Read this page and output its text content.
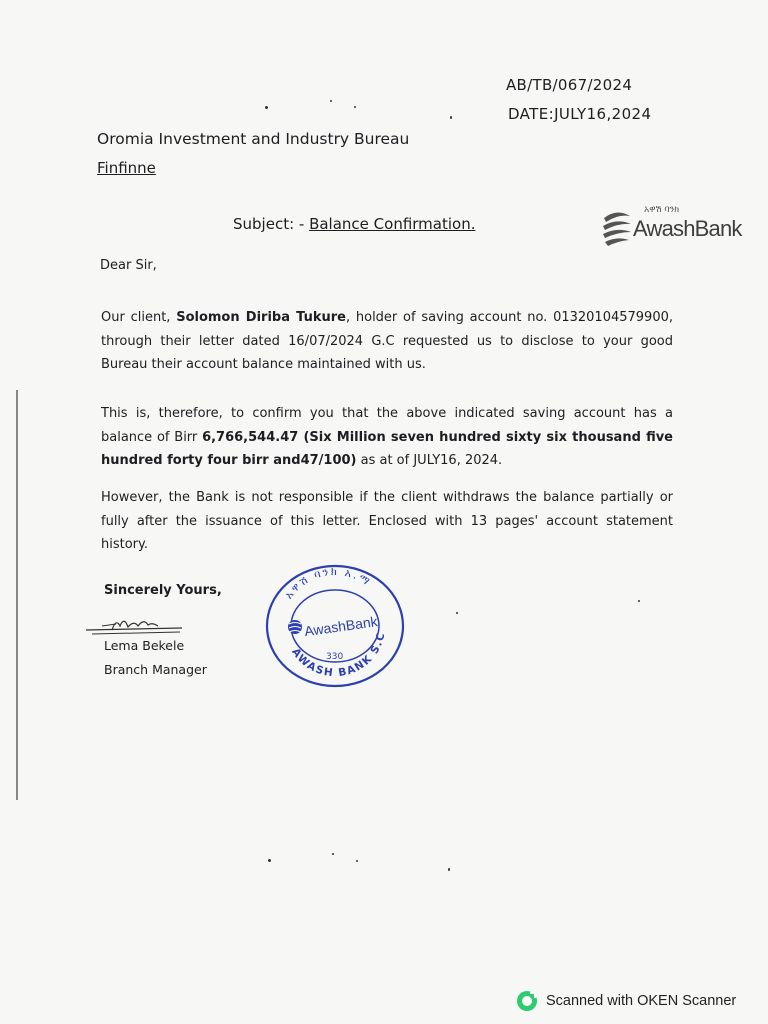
AB/TB/067/2024
DATE:JULY16,2024
Oromia Investment and Industry Bureau
Finfinne
Subject: - Balance Confirmation.
አዋሽ ባንክ
AwashBank
Dear Sir,
Our client, Solomon Diriba Tukure, holder of saving account no. 01320104579900, through their letter dated 16/07/2024 G.C requested us to disclose to your good Bureau their account balance maintained with us.
This is, therefore, to confirm you that the above indicated saving account has a balance of Birr 6,766,544.47 (Six Million seven hundred sixty six thousand five hundred forty four birr and47/100) as at of JULY16, 2024.
However, the Bank is not responsible if the client withdraws the balance partially or fully after the issuance of this letter. Enclosed with 13 pages' account statement history.
Sincerely Yours,
Lema Bekele
Branch Manager
አዋሽ ባንክ አ.ማ
AWASH BANK S.C
AwashBank
330
Scanned with OKEN Scanner
